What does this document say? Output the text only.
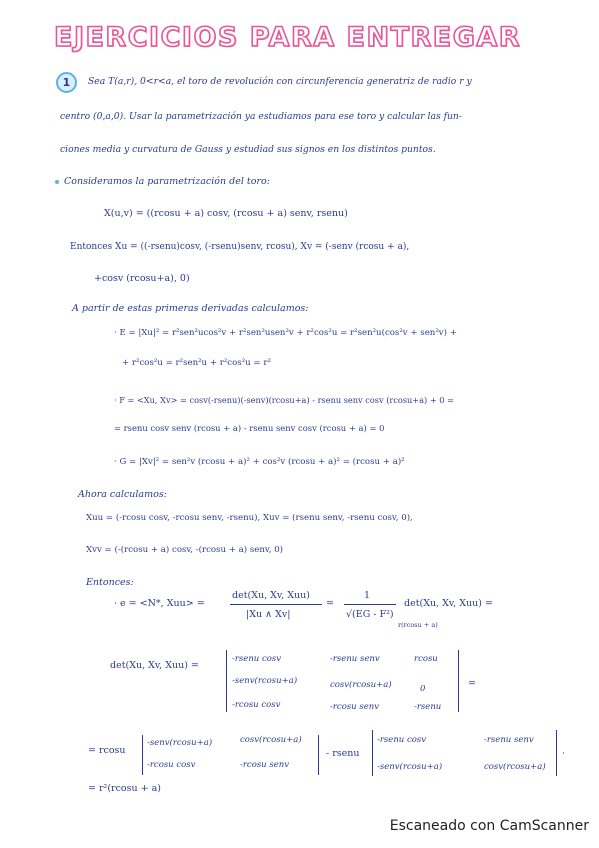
EJERCICIOS PARA ENTREGAR
1	Sea T(a,r), 0<r<a, el toro de revolución con circunferencia generatriz de radio r y
centro (0,a,0). Usar la parametrización ya estudiamos para ese toro y calcular las fun-
ciones media y curvatura de Gauss y estudiad sus signos en los distintos puntos.
Consideramos la parametrización del toro:
X(u,v) = ((rcosu + a) cosv, (rcosu + a) senv, rsenu)
Entonces Xu = ((-rsenu)cosv, (-rsenu)senv, rcosu), Xv = (-senv (rcosu + a),
+cosv (rcosu+a), 0)
A partir de estas primeras derivadas calculamos:
· E = |Xu|² = r²sen²ucos²v + r²sen²usen²v + r²cos²u = r²sen²u(cos²v + sen²v) +
+ r²cos²u = r²sen²u + r²cos²u = r²
· F = <Xu, Xv> = cosv(-rsenu)(-senv)(rcosu+a) - rsenu senv cosv (rcosu+a) + 0 =
= rsenu cosv senv (rcosu + a) - rsenu senv cosv (rcosu + a) = 0
· G = |Xv|² = sen²v (rcosu + a)² + cos²v (rcosu + a)² = (rcosu + a)²
Ahora calculamos:
Xuu = (-rcosu cosv, -rcosu senv, -rsenu), Xuv = (rsenu senv, -rsenu cosv, 0),
Xvv = (-(rcosu + a) cosv, -(rcosu + a) senv, 0)
Entonces:
· e = <N*, Xuu> =
det(Xu, Xv, Xuu)
|Xu ∧ Xv|
=
1
√(EG - F²)
r(rcosu + a)
det(Xu, Xv, Xuu) =
det(Xu, Xv, Xuu) =
-rsenu cosv	-rsenu senv	rcosu
-senv(rcosu+a)	cosv(rcosu+a)	0
-rcosu cosv	-rcosu senv	-rsenu
=
= rcosu
-senv(rcosu+a)	cosv(rcosu+a)
-rcosu cosv	-rcosu senv
- rsenu
-rsenu cosv	-rsenu senv
-senv(rcosu+a)	cosv(rcosu+a)
·
= r²(rcosu + a)
Escaneado con CamScanner
